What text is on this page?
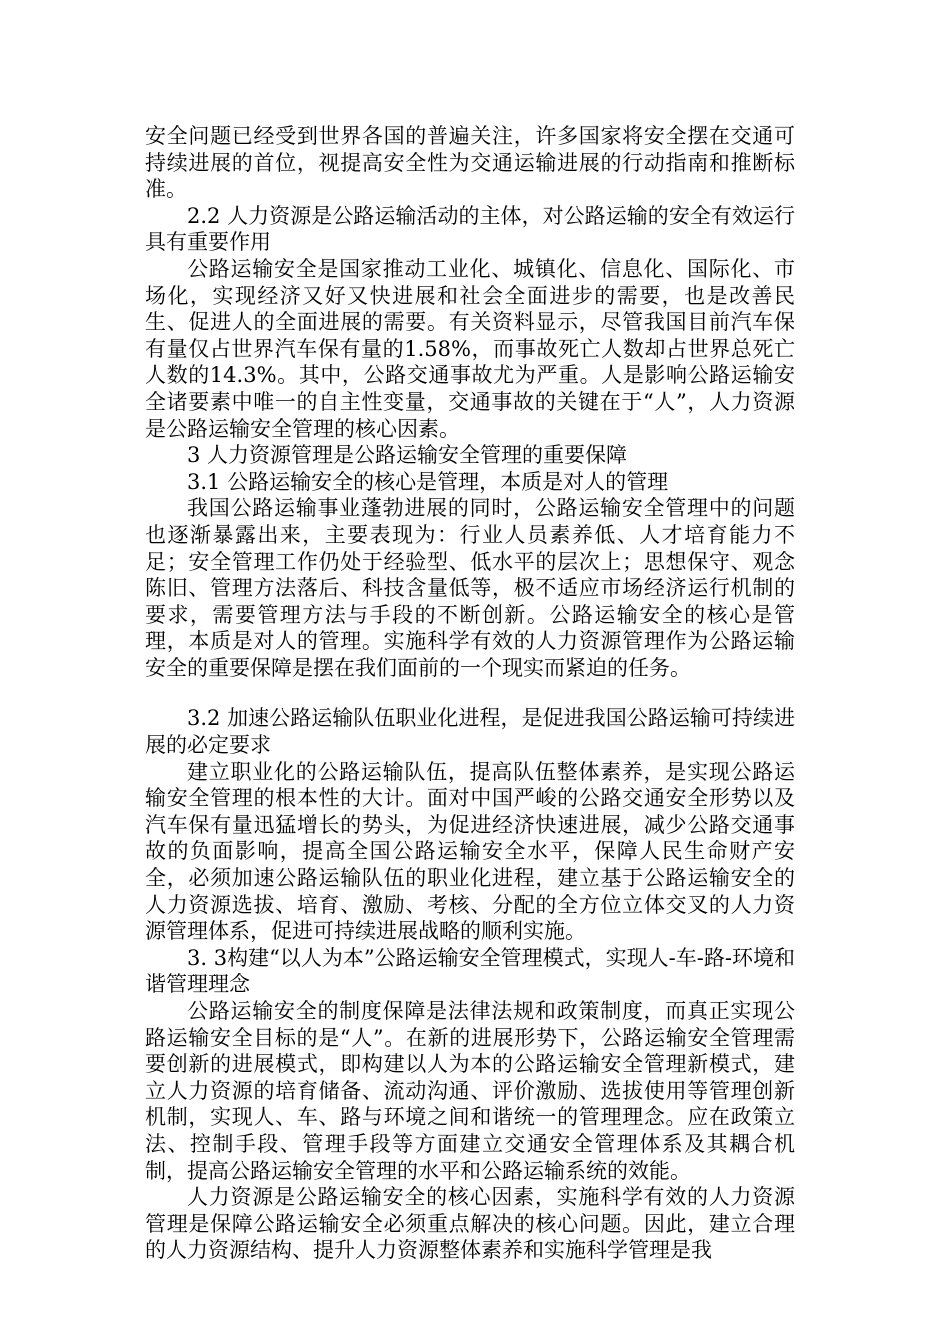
安全问题已经受到世界各国的普遍关注，许多国家将安全摆在交通可持续进展的首位，视提高安全性为交通运输进展的行动指南和推断标准。

2.2 人力资源是公路运输活动的主体，对公路运输的安全有效运行具有重要作用

公路运输安全是国家推动工业化、城镇化、信息化、国际化、市场化，实现经济又好又快进展和社会全面进步的需要，也是改善民生、促进人的全面进展的需要。有关资料显示，尽管我国目前汽车保有量仅占世界汽车保有量的1.58%，而事故死亡人数却占世界总死亡人数的14.3%。其中，公路交通事故尤为严重。人是影响公路运输安全诸要素中唯一的自主性变量，交通事故的关键在于“人”，人力资源是公路运输安全管理的核心因素。

3 人力资源管理是公路运输安全管理的重要保障

3.1 公路运输安全的核心是管理，本质是对人的管理

我国公路运输事业蓬勃进展的同时，公路运输安全管理中的问题也逐渐暴露出来，主要表现为：行业人员素养低、人才培育能力不足；安全管理工作仍处于经验型、低水平的层次上；思想保守、观念陈旧、管理方法落后、科技含量低等，极不适应市场经济运行机制的要求，需要管理方法与手段的不断创新。公路运输安全的核心是管理，本质是对人的管理。实施科学有效的人力资源管理作为公路运输安全的重要保障是摆在我们面前的一个现实而紧迫的任务。

3.2 加速公路运输队伍职业化进程，是促进我国公路运输可持续进展的必定要求

建立职业化的公路运输队伍，提高队伍整体素养，是实现公路运输安全管理的根本性的大计。面对中国严峻的公路交通安全形势以及汽车保有量迅猛增长的势头，为促进经济快速进展，减少公路交通事故的负面影响，提高全国公路运输安全水平，保障人民生命财产安全，必须加速公路运输队伍的职业化进程，建立基于公路运输安全的人力资源选拔、培育、激励、考核、分配的全方位立体交叉的人力资源管理体系，促进可持续进展战略的顺利实施。

3. 3构建“以人为本”公路运输安全管理模式，实现人-车-路-环境和谐管理理念

公路运输安全的制度保障是法律法规和政策制度，而真正实现公路运输安全目标的是“人”。在新的进展形势下，公路运输安全管理需要创新的进展模式，即构建以人为本的公路运输安全管理新模式，建立人力资源的培育储备、流动沟通、评价激励、选拔使用等管理创新机制，实现人、车、路与环境之间和谐统一的管理理念。应在政策立法、控制手段、管理手段等方面建立交通安全管理体系及其耦合机制，提高公路运输安全管理的水平和公路运输系统的效能。

人力资源是公路运输安全的核心因素，实施科学有效的人力资源管理是保障公路运输安全必须重点解决的核心问题。因此，建立合理的人力资源结构、提升人力资源整体素养和实施科学管理是我
